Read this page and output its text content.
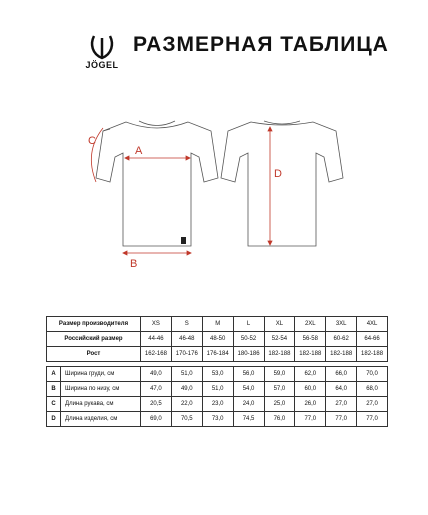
JÖGEL
РАЗМЕРНАЯ ТАБЛИЦА
A
B
C
D
Размер производителя		XS	S	M	L	XL	2XL	3XL	4XL
Российский размер		44-46	46-48	48-50	50-52	52-54	56-58	60-62	64-66
Рост		162-168	170-176	176-184	180-186	182-188	182-188	182-188	182-188

A	Ширина груди, см	49,0	51,0	53,0	56,0	59,0	62,0	66,0	70,0
B	Ширина по низу, см	47,0	49,0	51,0	54,0	57,0	60,0	64,0	68,0
C	Длина рукава, см	20,5	22,0	23,0	24,0	25,0	26,0	27,0	27,0
D	Длина изделия, см	69,0	70,5	73,0	74,5	76,0	77,0	77,0	77,0
